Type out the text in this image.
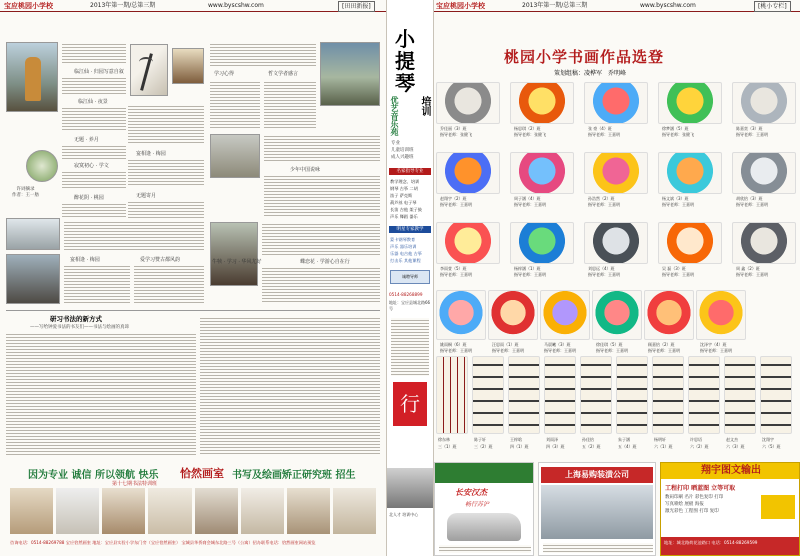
宝应桃园小学校	2013年第一期/总第三期	www.byscshw.com	[田田新报]
临江仙 · 归园写意自叙
临江仙 · 夜景
无题 · 养月
寂寞初心 · 学文
醉花阴 · 桃园
许词摘录
作者：王一舫
宴相逢 · 梅园
无题寄月
学习心得	哲文学者感言
少年中国说咏
宴相逢 · 梅园	爱学习赞古都风韵	牛犊 · 学习 · 华风尤好	蝶恋花 · 学游心自在行
研习书法的新方式
——写给钟爱书法的书友们——书法与绘画的真谛
因为专业 诚信 所以领航 快乐 恰然画室 书写及绘画矫正研究班 招生
第十七期书法特训班
咨询电话：0514-88269788 宝应恰然画室 地址：宝应县实验小学东门旁（宝应恰然画室） 宝城县华侨商会城东北路三号（公寓）招办联系电话：恰然画室网站预览
小
提
琴
优艺音乐苑 培训
专业
儿童培训班
成人兴趣班
名家指导专业
教学理念、培训
钢琴 古筝 二胡
笛子 萨克斯
葫芦丝 电子琴
长笛 吉他 架子鼓
声乐 舞蹈 器乐
明星专家教学
蒙卡钢琴教育
声乐 器乐培训
乐器 电吉他 古筝
打击乐 其他课程
诚聘导师
0514-88268899
地址：宝应县城北路66号
行
北人才 培训中心
宝应桃园小学校	2013年第一期/总第三期	www.byscshw.com	[桃小专栏]
桃园小学书画作品选登
策划组稿：凌桦军　乔明峰
乔佳丽（3）班
指导老师：张健飞
杨思琪（2）班
指导老师：张健飞
张 豪（4）班
指导老师：王嘉明
徐梦涵（5）班
指导老师：张健飞
陈嘉奕（3）班
指导老师：王嘉明
赵翔宇（2）班
指导老师：王嘉明
周子涵（4）班
指导老师：王嘉明
孙浩然（2）班
指导老师：王嘉明
杨文斌（3）班
指导老师：王嘉明
胡欣怡（3）班
指导老师：王嘉明
李雨萱（5）班
指导老师：王嘉明
杨梓涵（1）班
指导老师：王嘉明
刘思远（4）班
指导老师：王嘉明
吴 磊（3）班
指导老师：王嘉明
周 鑫（2）班
指导老师：王嘉明
姚雨桐（6）班
指导老师：王嘉明
汪思雨（1）班
指导老师：王嘉明
马晨曦（3）班
指导老师：王嘉明
徐佳琪（5）班
指导老师：王嘉明
顾嘉怡（2）班
指导老师：王嘉明
沈泽宇（4）班
指导老师：王嘉明
徐东林
三（1）班
陈子轩
三（2）班
王梓晗
四（1）班
刘雨泽
四（3）班
孙佳怡
五（2）班
朱子涵
五（4）班
杨明轩
六（1）班
许思语
六（2）班
赵文杰
六（3）班
沈翔宇
六（5）班
长安汉杰
畅行苏沪
上海易购装潢公司	翔宇图文输出
工程打印 晒蓝图 立等可取
数码印刷 名片 彩色复印 打印
写真喷绘 展板 海报
激光彩色 工程图 打印 复印
地址：城北路荷花池路口 电话：0514-88269599
